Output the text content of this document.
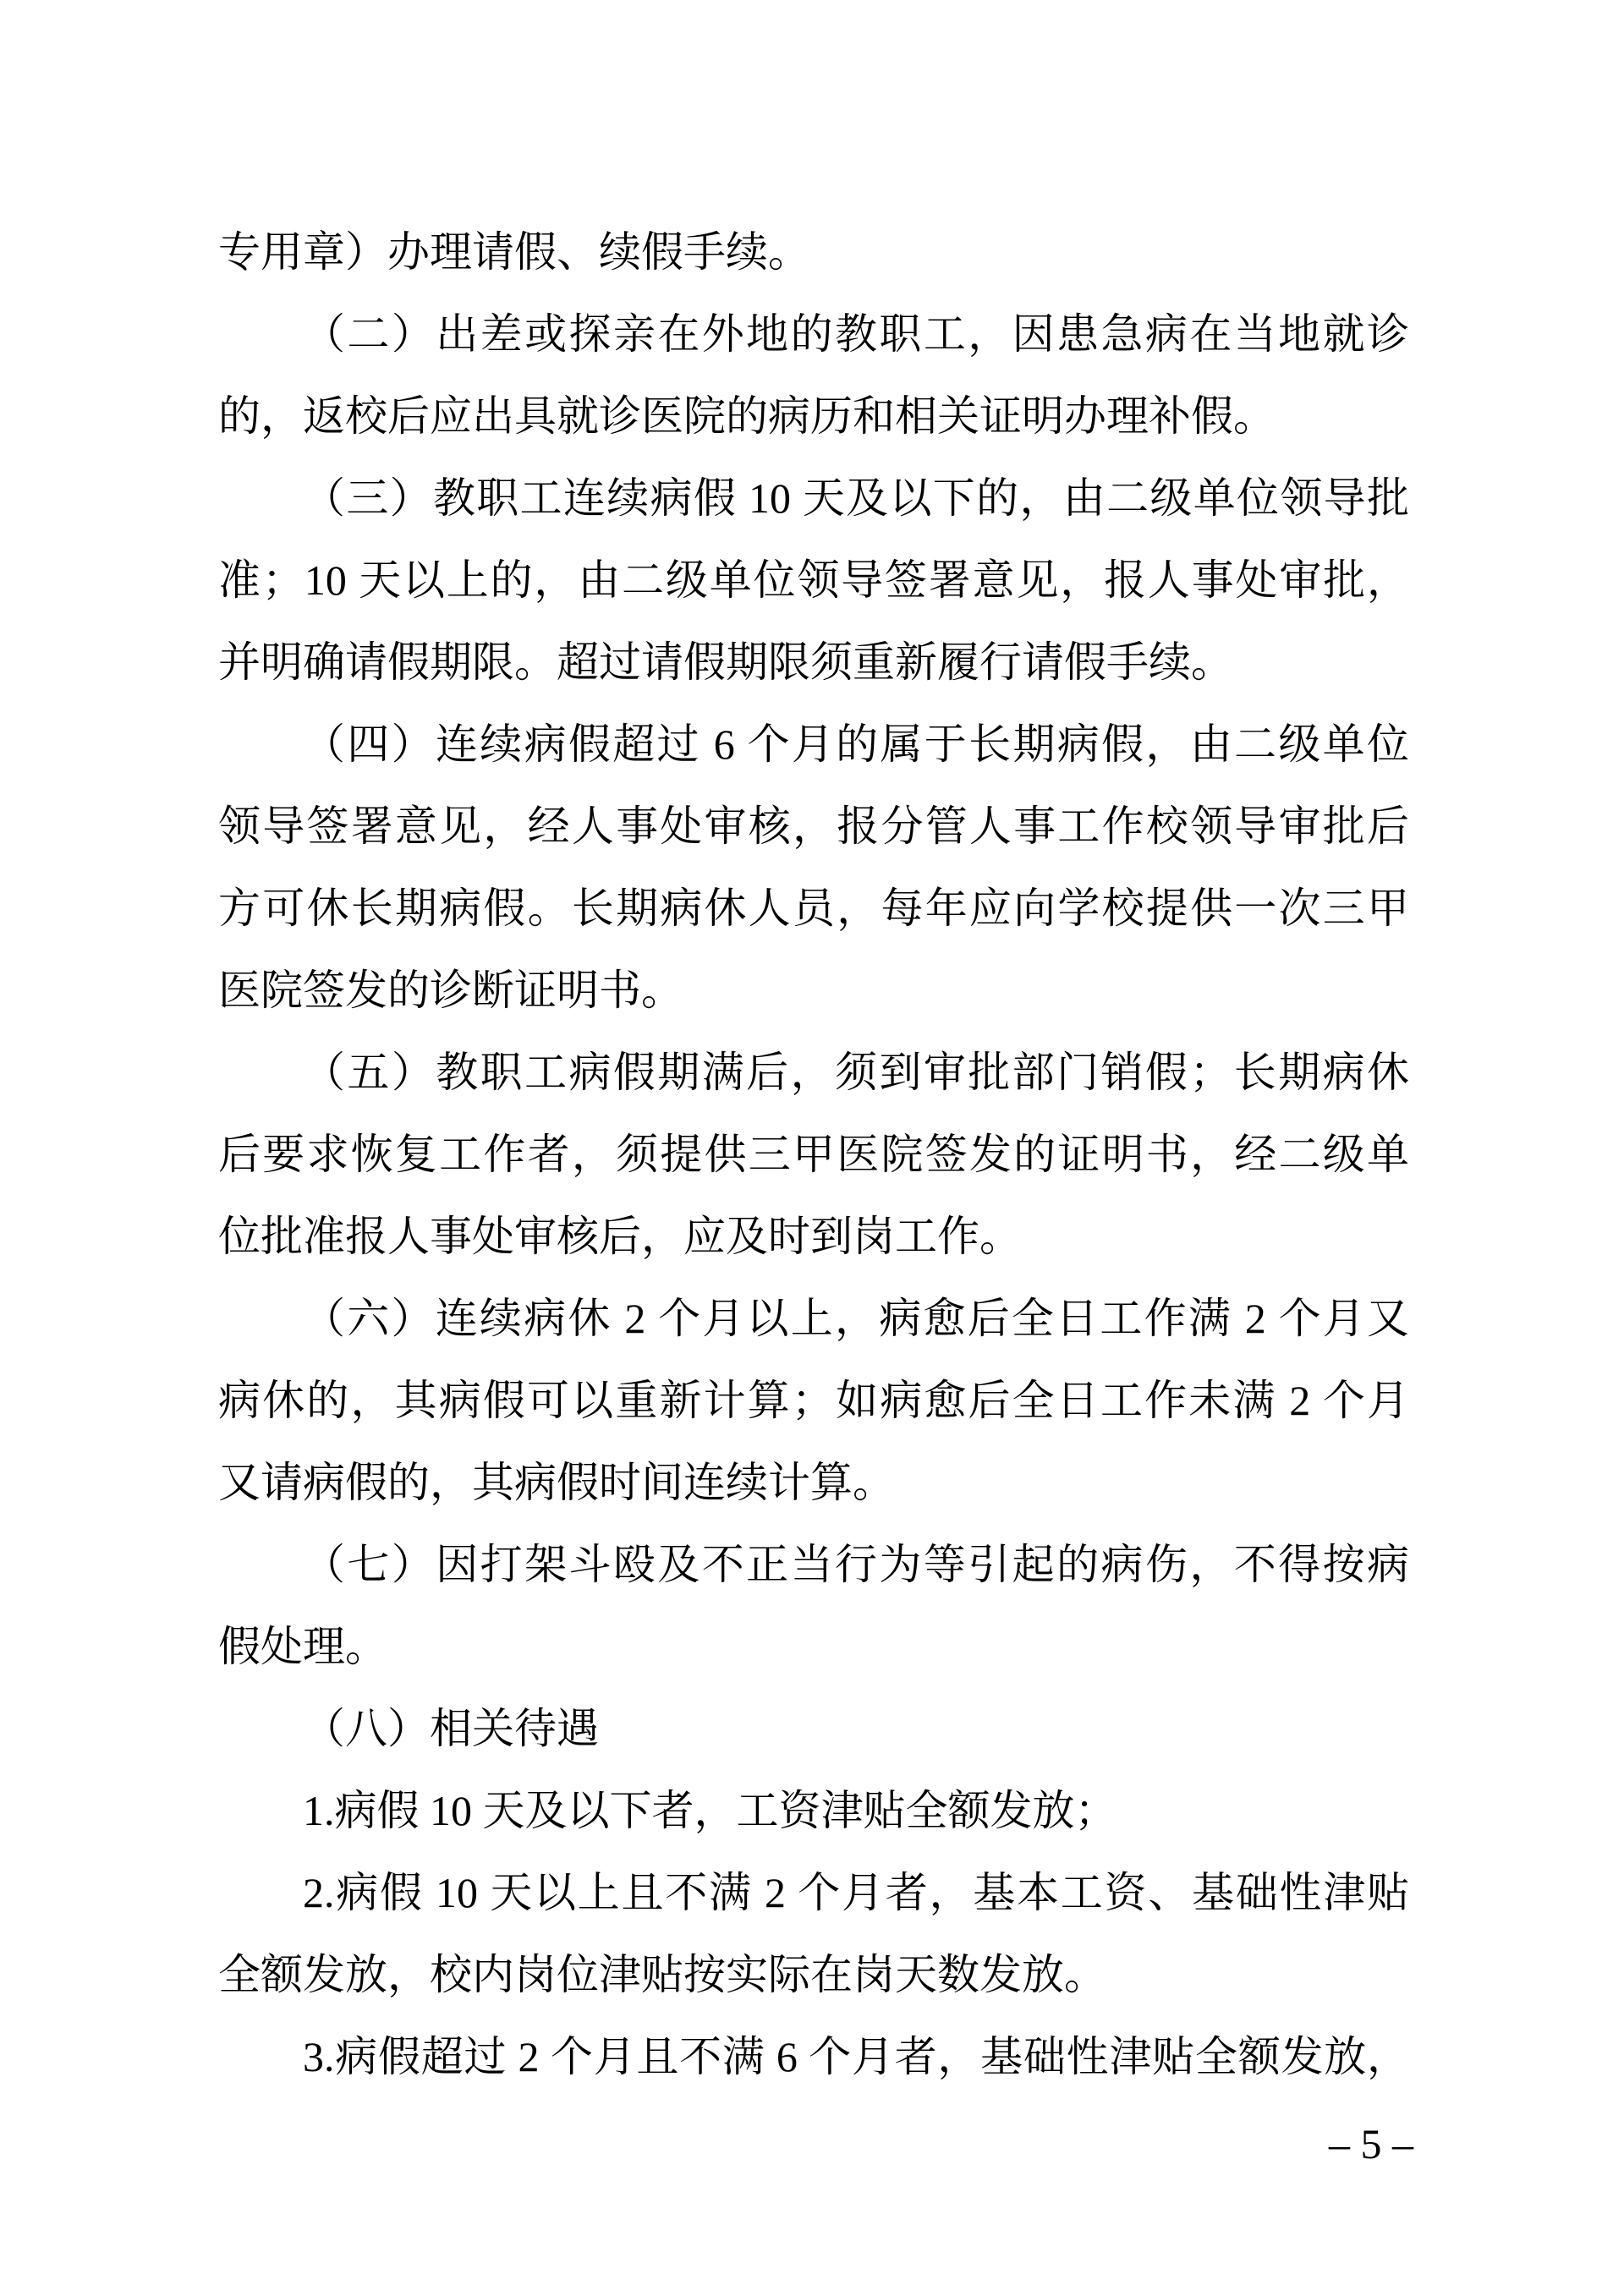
专用章）办理请假、续假手续。
（二）出差或探亲在外地的教职工，因患急病在当地就诊
的，返校后应出具就诊医院的病历和相关证明办理补假。
（三）教职工连续病假 10 天及以下的，由二级单位领导批
准；10 天以上的，由二级单位领导签署意见，报人事处审批，
并明确请假期限。超过请假期限须重新履行请假手续。
（四）连续病假超过 6 个月的属于长期病假，由二级单位
领导签署意见，经人事处审核，报分管人事工作校领导审批后
方可休长期病假。长期病休人员，每年应向学校提供一次三甲
医院签发的诊断证明书。
（五）教职工病假期满后，须到审批部门销假；长期病休
后要求恢复工作者，须提供三甲医院签发的证明书，经二级单
位批准报人事处审核后，应及时到岗工作。
（六）连续病休 2 个月以上，病愈后全日工作满 2 个月又
病休的，其病假可以重新计算；如病愈后全日工作未满 2 个月
又请病假的，其病假时间连续计算。
（七）因打架斗殴及不正当行为等引起的病伤，不得按病
假处理。
（八）相关待遇
1.病假 10 天及以下者，工资津贴全额发放；
2.病假 10 天以上且不满 2 个月者，基本工资、基础性津贴
全额发放，校内岗位津贴按实际在岗天数发放。
3.病假超过 2 个月且不满 6 个月者，基础性津贴全额发放，
– 5 –
